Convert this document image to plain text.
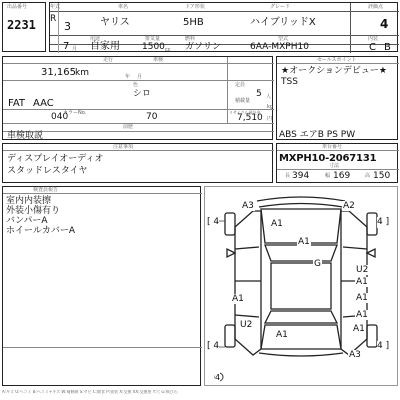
出品番号
2231
年式	車名	ドア形状	グレード	評価点
R
3	ヤリス	5HB	ハイブリッドX	4
7 月
用途
自家用
排気量
1500 cc
燃料
ガソリン
型式
6AA-MXPH10
内装
C B
走行	車検
31,165 km	年 月
色
シロ
定員
5 人
FAT AAC	積載量
kg
カラーNo.
040	70	リサイクル預託金
7,510 円
前歴
車検取説
セールスポイント
★オークションデビュー★
TSS
ABS エアB PS PW
注意事項
ディスプレイオーディオ
スタッドレスタイヤ
車台番号
MXPH10-2067131
寸法
長 394	幅 169	高 150
検査員報告
室内内装擦
外装小傷有り
バンパーA
ホイールカバーA
[ 4	4 ]
[ 4	4 ]
4
A3	A2
A1
A1
G
U2
A1
A1	A1
A1
U2
A1
A1
A3
A:キズ U:ヘコミ B:ヘコミ+キズ W:補修跡 S:サビ C:腐食 P:塗装 X:交換 XX:交換要 Y:穴 G:飛び石
